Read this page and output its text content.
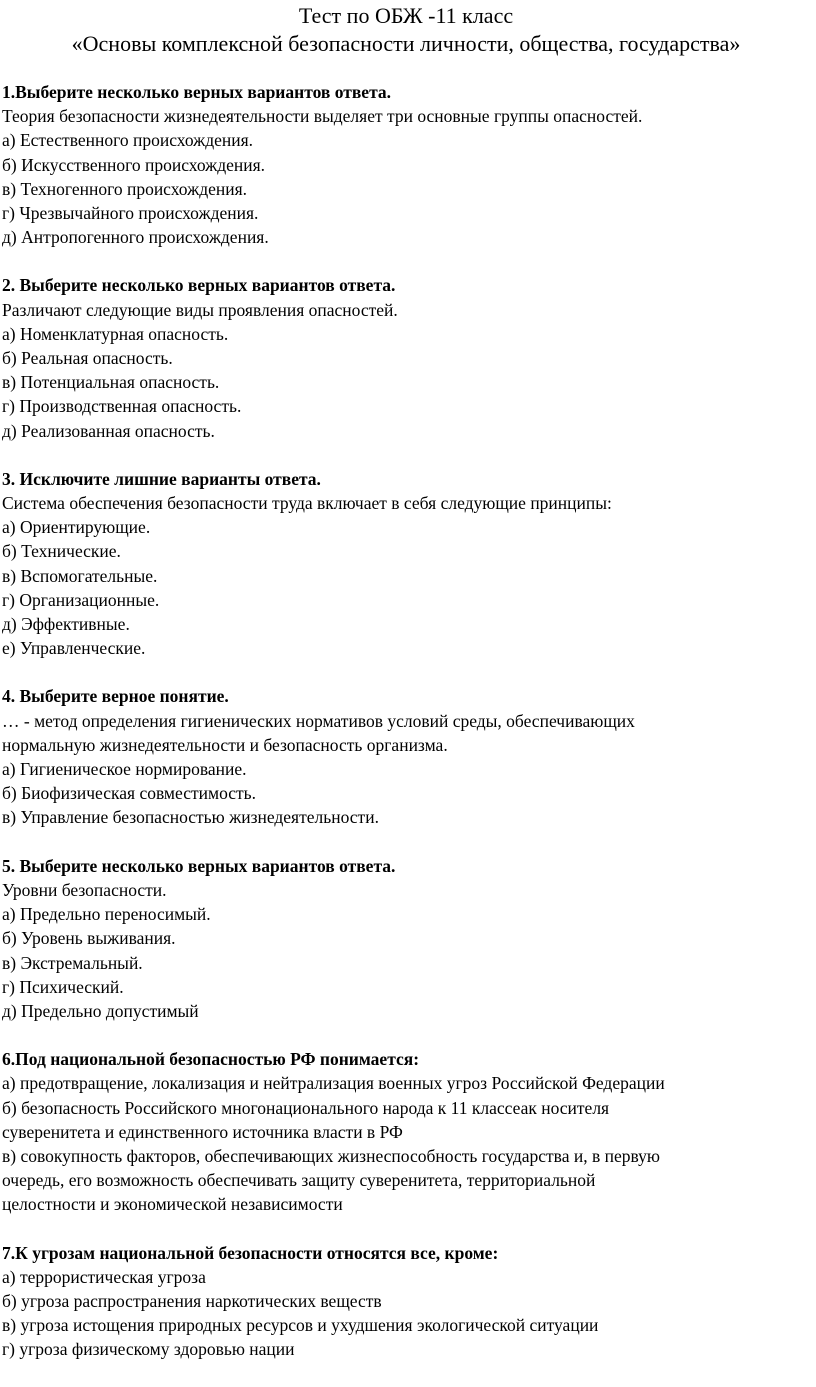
Тест по ОБЖ -11 класс
«Основы комплексной безопасности личности, общества, государства»
1.Выберите несколько верных вариантов ответа.
Теория безопасности жизнедеятельности выделяет три основные группы опасностей.
а) Естественного происхождения.
б) Искусственного происхождения.
в) Техногенного происхождения.
г) Чрезвычайного происхождения.
д) Антропогенного происхождения.
2. Выберите несколько верных вариантов ответа.
Различают следующие виды проявления опасностей.
а) Номенклатурная опасность.
б) Реальная опасность.
в) Потенциальная опасность.
г) Производственная опасность.
д) Реализованная опасность.
3. Исключите лишние варианты ответа.
Система обеспечения безопасности труда включает в себя следующие принципы:
а) Ориентирующие.
б) Технические.
в) Вспомогательные.
г) Организационные.
д) Эффективные.
е) Управленческие.
4. Выберите верное понятие.
… - метод определения гигиенических нормативов условий среды, обеспечивающих
нормальную жизнедеятельности и безопасность организма.
а) Гигиеническое нормирование.
б) Биофизическая совместимость.
в) Управление безопасностью жизнедеятельности.
5. Выберите несколько верных вариантов ответа.
Уровни безопасности.
а) Предельно переносимый.
б) Уровень выживания.
в) Экстремальный.
г) Психический.
д) Предельно допустимый
6.Под национальной безопасностью РФ понимается:
а) предотвращение, локализация и нейтрализация военных угроз Российской Федерации
б) безопасность Российского многонационального народа к 11 классеак носителя
суверенитета и единственного источника власти в РФ
в) совокупность факторов, обеспечивающих жизнеспособность государства и, в первую
очередь, его возможность обеспечивать защиту суверенитета, территориальной
целостности и экономической независимости
7.К угрозам национальной безопасности относятся все, кроме:
а) террористическая угроза
б) угроза распространения наркотических веществ
в) угроза истощения природных ресурсов и ухудшения экологической ситуации
г) угроза физическому здоровью нации
